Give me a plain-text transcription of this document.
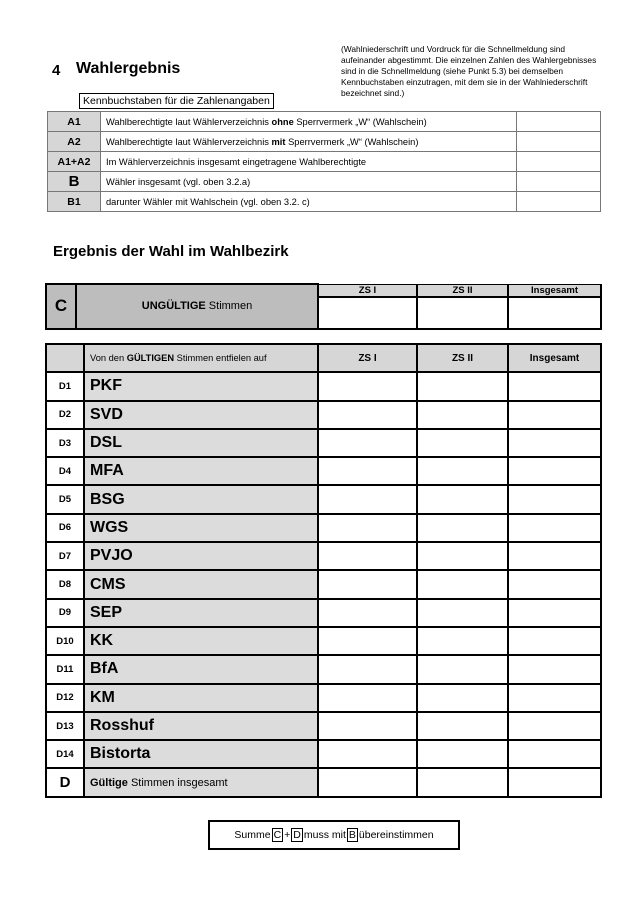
4 Wahlergebnis
(Wahlniederschrift und Vordruck für die Schnellmeldung sind aufeinander abgestimmt. Die einzelnen Zahlen des Wahlergebnisses sind in die Schnellmeldung (siehe Punkt 5.3) bei demselben Kennbuchstaben einzutragen, mit dem sie in der Wahlniederschrift bezeichnet sind.)
Kennbuchstaben für die Zahlenangaben
A1	Wahlberechtigte laut Wählerverzeichnis ohne Sperrvermerk „W“ (Wahlschein)	
A2	Wahlberechtigte laut Wählerverzeichnis mit Sperrvermerk „W“ (Wahlschein)	
A1+A2	Im Wählerverzeichnis insgesamt eingetragene Wahlberechtigte	
B	Wähler insgesamt (vgl. oben 3.2.a)	
B1	darunter Wähler mit Wahlschein (vgl. oben 3.2. c)	
Ergebnis der Wahl im Wahlbezirk
C	UNGÜLTIGE Stimmen	ZS I	ZS II	Insgesamt

	Von den GÜLTIGEN Stimmen entfielen auf	ZS I	ZS II	Insgesamt
D1	PKF			
D2	SVD			
D3	DSL			
D4	MFA			
D5	BSG			
D6	WGS			
D7	PVJO			
D8	CMS			
D9	SEP			
D10	KK			
D11	BfA			
D12	KM			
D13	Rosshuf			
D14	Bistorta			
D	Gültige Stimmen insgesamt			
Summe C + D muss mit B übereinstimmen
